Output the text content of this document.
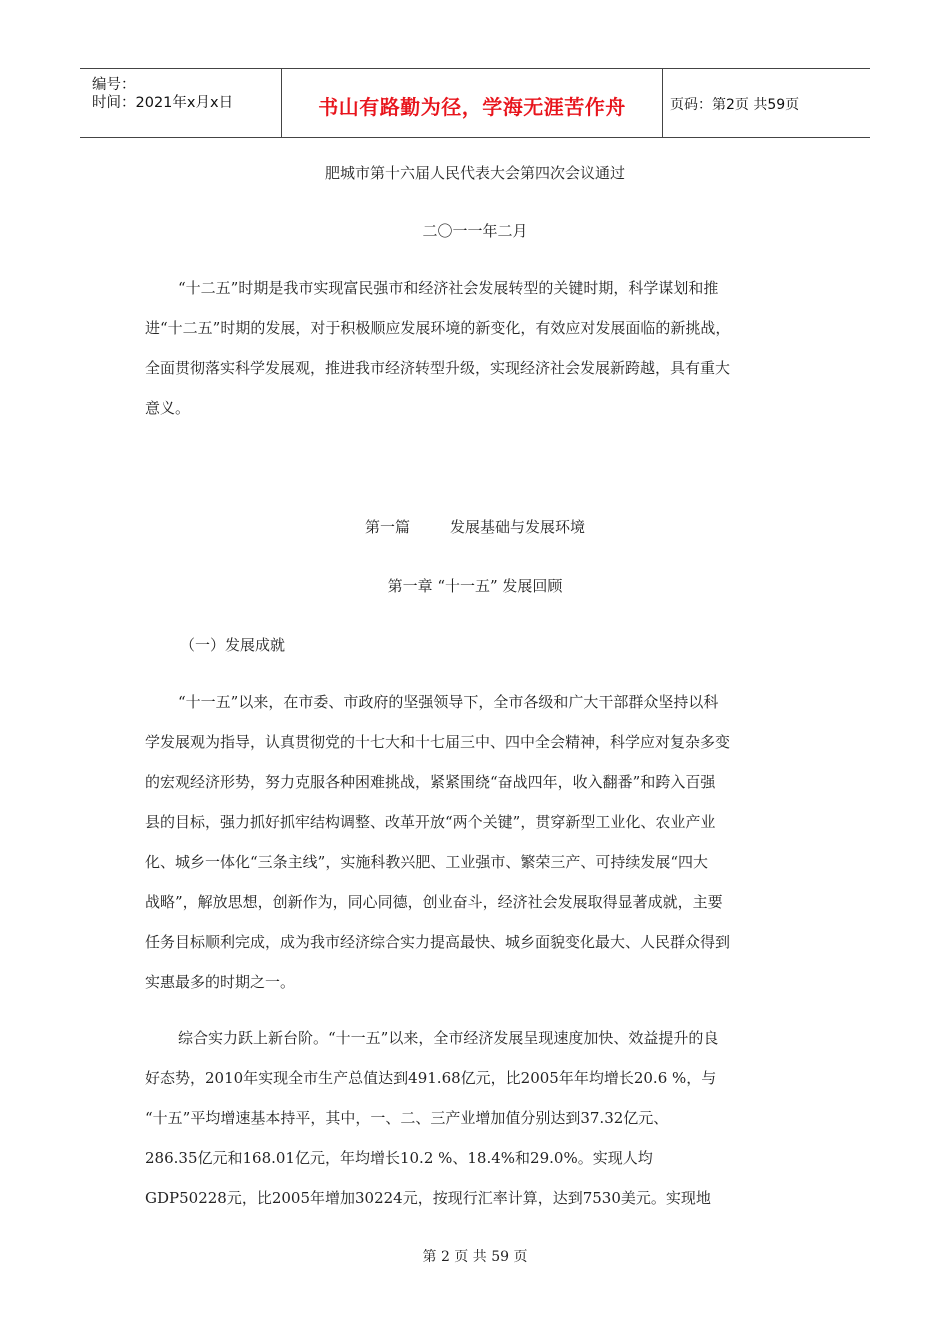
编号：
时间：2021年x月x日	书山有路勤为径，学海无涯苦作舟	页码：第2页 共59页
肥城市第十六届人民代表大会第四次会议通过
二〇一一年二月
“十二五”时期是我市实现富民强市和经济社会发展转型的关键时期，科学谋划和推
进“十二五”时期的发展，对于积极顺应发展环境的新变化，有效应对发展面临的新挑战，
全面贯彻落实科学发展观，推进我市经济转型升级，实现经济社会发展新跨越，具有重大
意义。
第一篇	发展基础与发展环境
第一章 “十一五” 发展回顾
（一）发展成就
“十一五”以来，在市委、市政府的坚强领导下，全市各级和广大干部群众坚持以科
学发展观为指导，认真贯彻党的十七大和十七届三中、四中全会精神，科学应对复杂多变
的宏观经济形势，努力克服各种困难挑战，紧紧围绕“奋战四年，收入翻番”和跨入百强
县的目标，强力抓好抓牢结构调整、改革开放“两个关键”，贯穿新型工业化、农业产业
化、城乡一体化“三条主线”，实施科教兴肥、工业强市、繁荣三产、可持续发展“四大
战略”，解放思想，创新作为，同心同德，创业奋斗，经济社会发展取得显著成就，主要
任务目标顺利完成，成为我市经济综合实力提高最快、城乡面貌变化最大、人民群众得到
实惠最多的时期之一。
综合实力跃上新台阶。“十一五”以来，全市经济发展呈现速度加快、效益提升的良
好态势，2010年实现全市生产总值达到491.68亿元，比2005年年均增长20.6 %，与
“十五”平均增速基本持平，其中，一、二、三产业增加值分别达到37.32亿元、
286.35亿元和168.01亿元，年均增长10.2 %、18.4%和29.0%。实现人均
GDP50228元，比2005年增加30224元，按现行汇率计算，达到7530美元。实现地
第 2 页 共 59 页
